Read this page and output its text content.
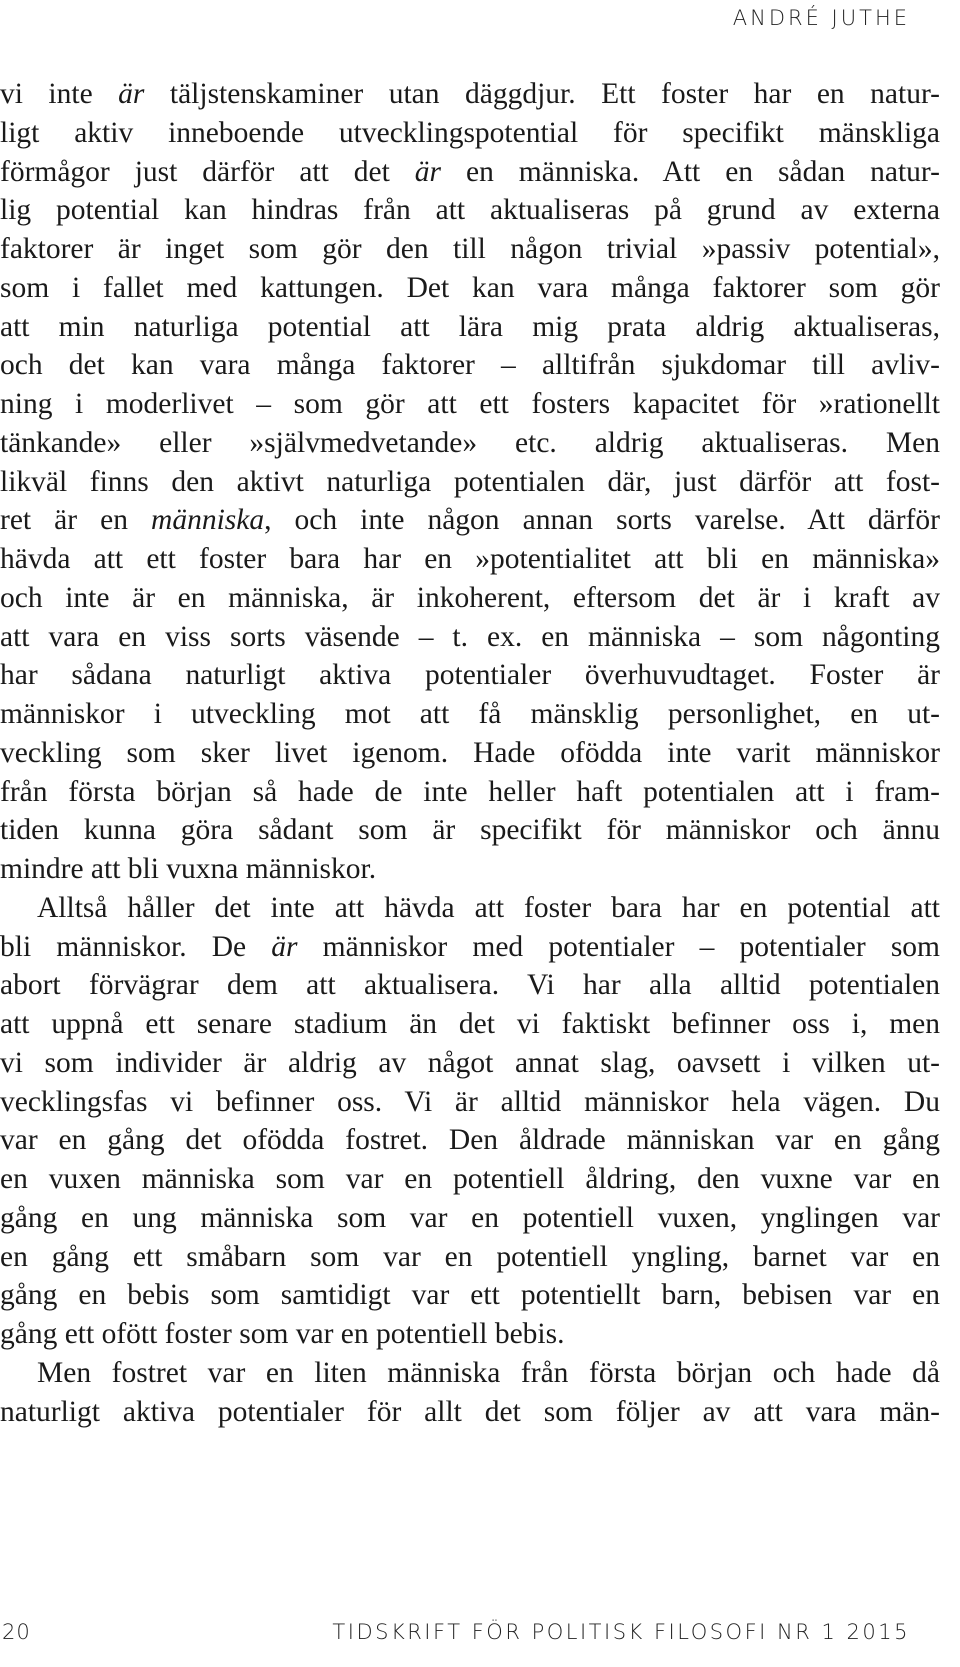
ANDRÉ JUTHE
vi inte är täljstenskaminer utan däggdjur. Ett foster har en natur-
ligt aktiv inneboende utvecklingspotential för specifikt mänskliga
förmågor just därför att det är en människa. Att en sådan natur-
lig potential kan hindras från att aktualiseras på grund av externa
faktorer är inget som gör den till någon trivial »passiv potential»,
som i fallet med kattungen. Det kan vara många faktorer som gör
att min naturliga potential att lära mig prata aldrig aktualiseras,
och det kan vara många faktorer – alltifrån sjukdomar till avliv-
ning i moderlivet – som gör att ett fosters kapacitet för »rationellt
tänkande» eller »självmedvetande» etc. aldrig aktualiseras. Men
likväl finns den aktivt naturliga potentialen där, just därför att fost-
ret är en människa, och inte någon annan sorts varelse. Att därför
hävda att ett foster bara har en »potentialitet att bli en människa»
och inte är en människa, är inkoherent, eftersom det är i kraft av
att vara en viss sorts väsende – t. ex. en människa – som någonting
har sådana naturligt aktiva potentialer överhuvudtaget. Foster är
människor i utveckling mot att få mänsklig personlighet, en ut-
veckling som sker livet igenom. Hade ofödda inte varit människor
från första början så hade de inte heller haft potentialen att i fram-
tiden kunna göra sådant som är specifikt för människor och ännu
mindre att bli vuxna människor.
Alltså håller det inte att hävda att foster bara har en potential att
bli människor. De är människor med potentialer – potentialer som
abort förvägrar dem att aktualisera. Vi har alla alltid potentialen
att uppnå ett senare stadium än det vi faktiskt befinner oss i, men
vi som individer är aldrig av något annat slag, oavsett i vilken ut-
vecklingsfas vi befinner oss. Vi är alltid människor hela vägen. Du
var en gång det ofödda fostret. Den åldrade människan var en gång
en vuxen människa som var en potentiell åldring, den vuxne var en
gång en ung människa som var en potentiell vuxen, ynglingen var
en gång ett småbarn som var en potentiell yngling, barnet var en
gång en bebis som samtidigt var ett potentiellt barn, bebisen var en
gång ett ofött foster som var en potentiell bebis.
Men fostret var en liten människa från första början och hade då
naturligt aktiva potentialer för allt det som följer av att vara män-
20	TIDSKRIFT FÖR POLITISK FILOSOFI NR 1 2015
